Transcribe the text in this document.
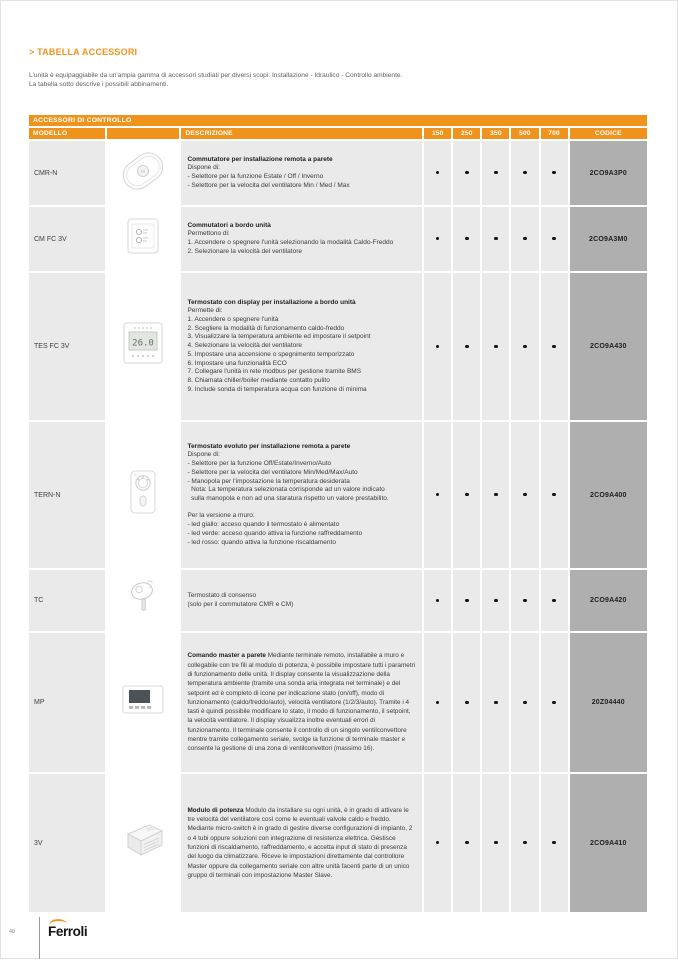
> TABELLA ACCESSORI
L'unità è equipaggiabile da un'ampia gamma di accessori studiati per diversi scopi: Installazione - Idraulico - Controllo ambiente.
La tabella sotto descrive i possibili abbinamenti.
ACCESSORI DI CONTROLLO								
MODELLO		DESCRIZIONE	150	250	350	500	700	CODICE
CMR-N	M	Commutatore per installazione remota a parete
Dispone di:
- Selettore per la funzione Estate / Off / Inverno
- Selettore per la velocita del ventilatore Min / Med / Max						2CO9A3P0
CM FC 3V		Commutatori a bordo unità
Permettono di:
1. Accendere o spegnere l'unità selezionando la modalità Caldo-Freddo
2. Selezionare la velocità del ventilatore						2CO9A3M0
TES FC 3V	26.0

Termostato con display per installazione a bordo unità
Permette di:
1. Accendere o spegnere l'unità
2. Scegliere la modalità di funzionamento caldo-freddo
3. Visualizzare la temperatura ambiente ed impostare il setpoint
4. Selezionare la velocità del ventilatore
5. Impostare una accensione o spegnimento temporizzato
6. Impostare una funzionalità ECO
7. Collegare l'unità in rete modbus per gestione tramite BMS
8. Chiamata chiller/boiler mediante contatto pulito
9. Include sonda di temperatura acqua con funzione di minima
						2CO9A430
TERN-N	
C

Termostato evoluto per installazione remota a parete
Dispone di:
- Selettore per la funzione Off/Estate/Inverno/Auto
- Selettore per la velocita del ventilatore Min/Med/Max/Auto
- Manopola per l'impostazione la temperatura desiderata
Nota: La temperatura selezionata corrisponde ad un valore indicato
sulla manopola e non ad una staratura rispetto un valore prestabilito.
Per la versione a muro:
- led giallo: acceso quando il termostato è alimentato
- led verde: acceso quando attiva la funzione raffreddamento
- led rosso: quando attiva la funzione riscaldamento
						2CO9A400
TC		Termostato di consenso
(solo per il commutatore CMR e CM)						2CO9A420
MP		Comando master a parete Mediante terminale remoto, installabile a muro e collegabile con tre fili al modulo di potenza, è possibile impostare tutti i parametri di funzionamento delle unità. Il display consente la visualizzazione della temperatura ambiente (tramite una sonda aria integrata nel terminale) e del setpoint ed è completo di icone per indicazione stato (on/off), modo di funzionamento (caldo/freddo/auto), velocità ventilatore (1/2/3/auto). Tramite i 4 tasti è quindi possibile modificare lo stato, il modo di funzionamento, il setpoint, la velocità ventilatore. Il display visualizza inoltre eventuali errori di funzionamento. Il terminale consente il controllo di un singolo ventilconvettore mentre tramite collegamento seriale, svolge la funzione di terminale master e consente la gestione di una zona di ventilconvettori (massimo 16).						20Z04440
3V		Modulo di potenza Modulo da installare su ogni unità, è in grado di attivare le tre velocità del ventilatore così come le eventuali valvole caldo e freddo. Mediante micro-switch è in grado di gestire diverse configurazioni di impianto, 2 o 4 tubi oppure soluzioni con integrazione di resistenza elettrica. Gestisce funzioni di riscaldamento, raffreddamento, e accetta input di stato di presenza del luogo da climatizzare. Riceve le impostazioni direttamente dal controllore Master oppure da collegamento seriale con altre unità facenti parte di un unico gruppo di terminali con impostazione Master Slave.						2CO9A410
40 Ferroli
